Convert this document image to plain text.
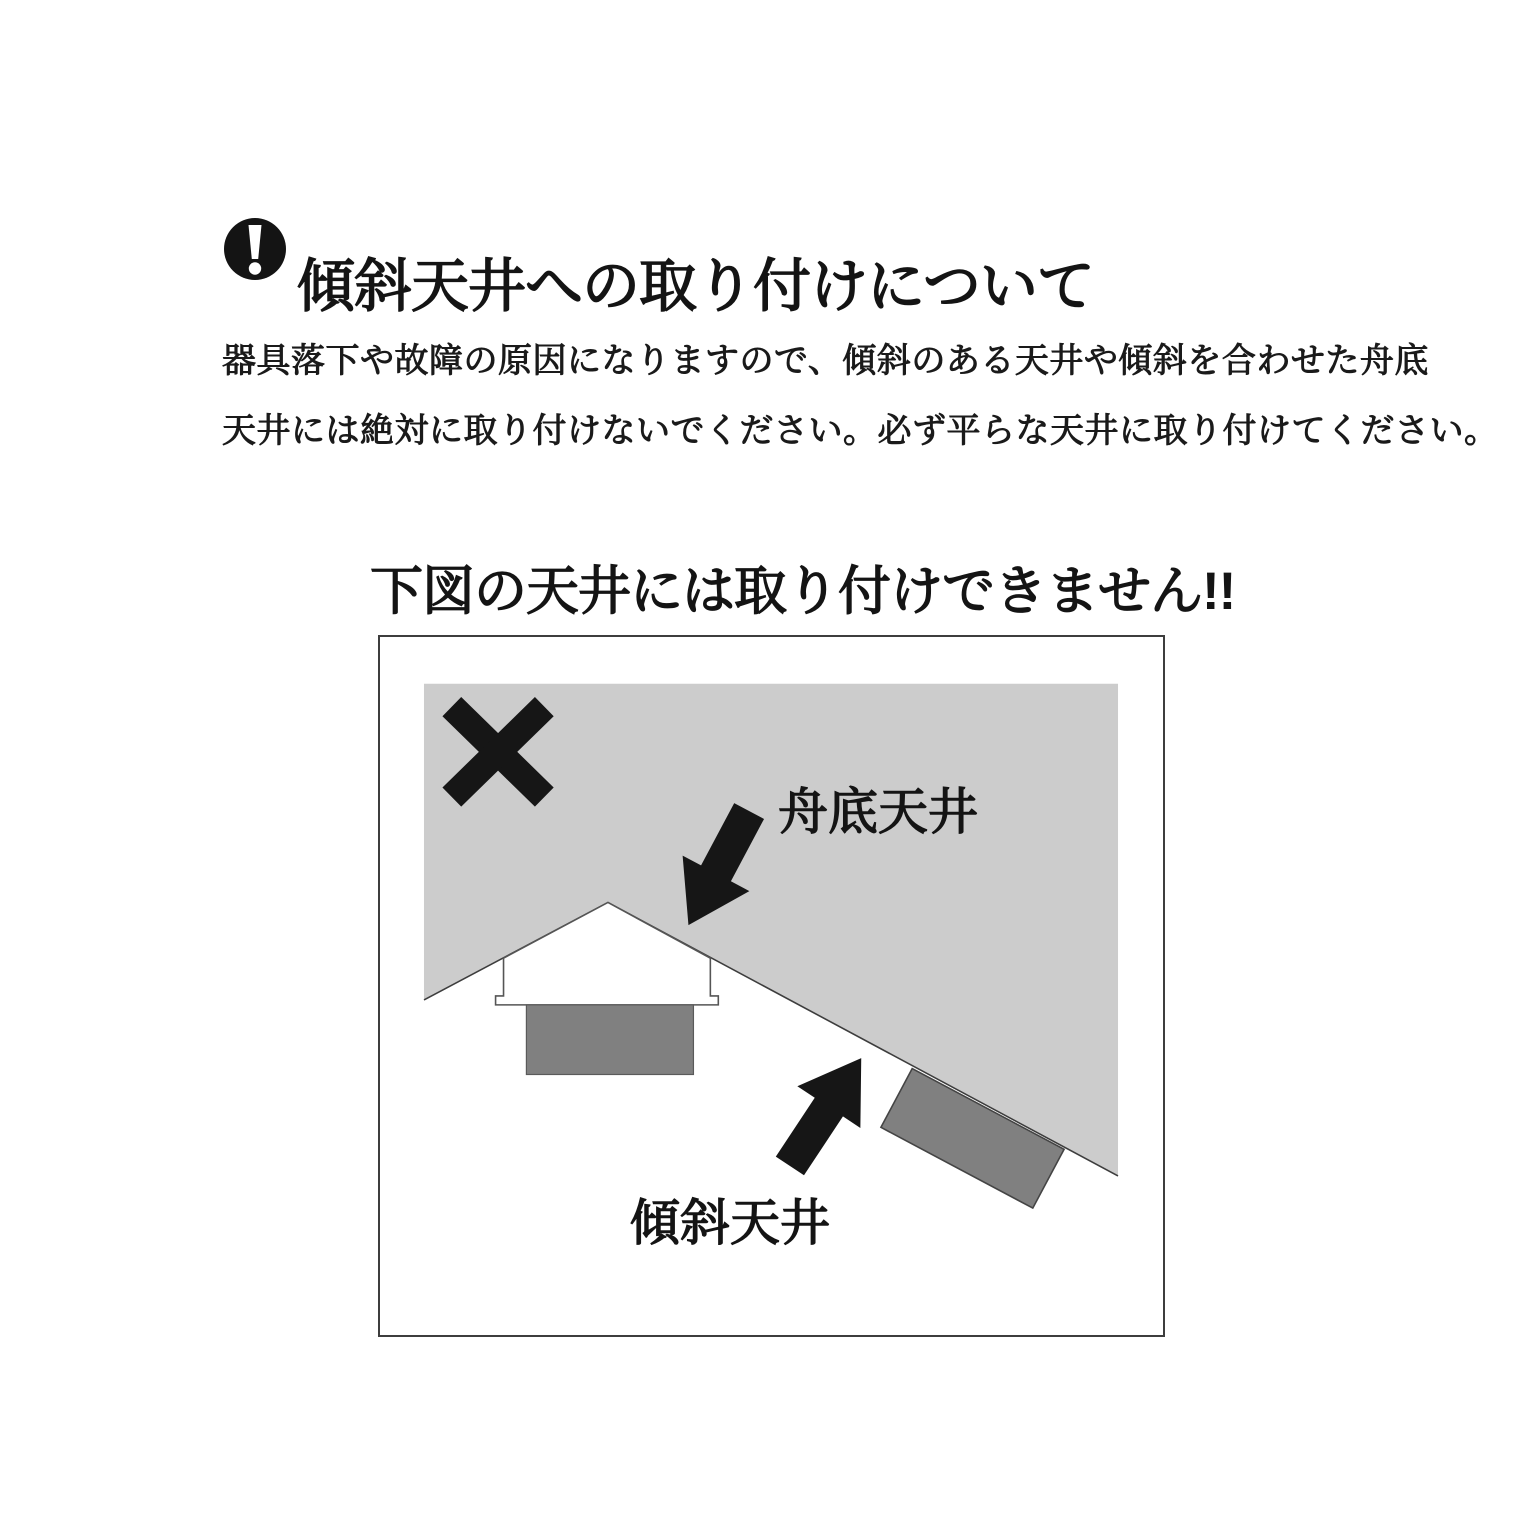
傾斜天井への取り付けについて
器具落下や故障の原因になりますので、傾斜のある天井や傾斜を合わせた舟底
天井には絶対に取り付けないでください。必ず平らな天井に取り付けてください。
下図の天井には取り付けできません!!
舟底天井
傾斜天井
